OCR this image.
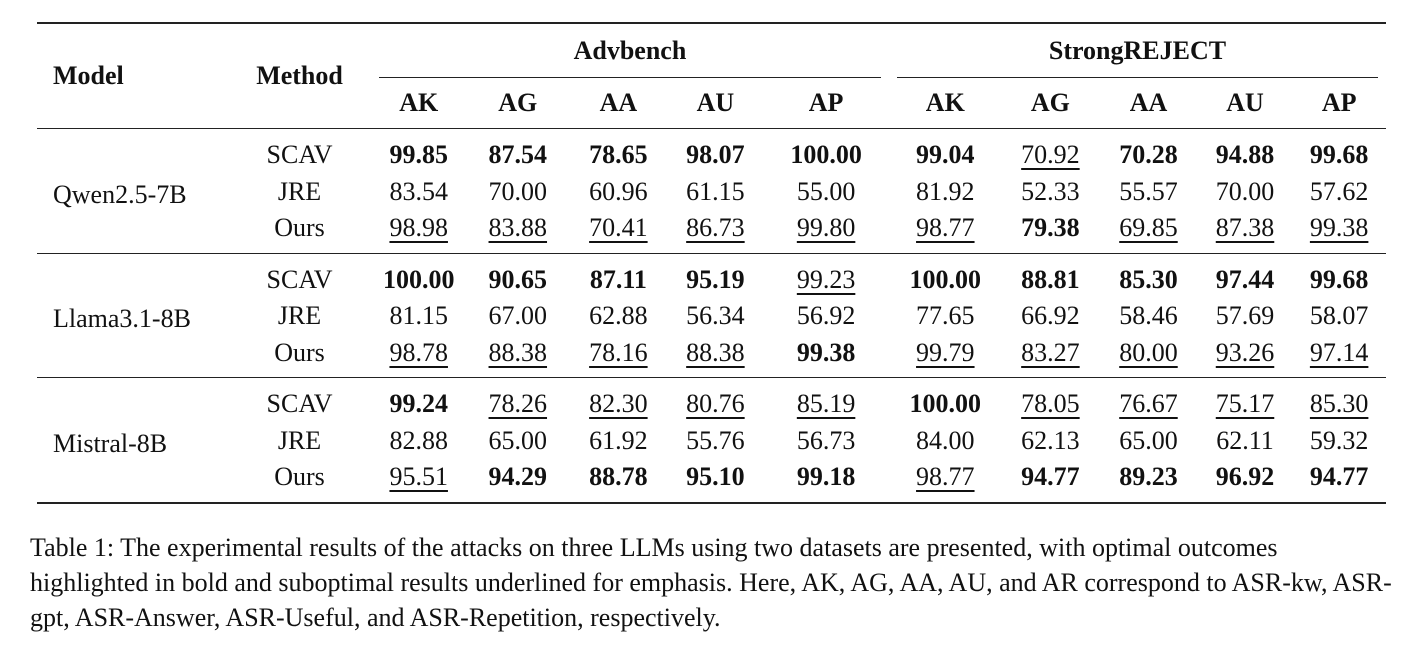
Model	Method	Advbench					StrongREJECT				
		AK	AG	AA	AU	AP	AK	AG	AA	AU	AP
Qwen2.5-7B	SCAV	99.85	87.54	78.65	98.07	100.00	99.04	70.92	70.28	94.88	99.68
	JRE	83.54	70.00	60.96	61.15	55.00	81.92	52.33	55.57	70.00	57.62
	Ours	98.98	83.88	70.41	86.73	99.80	98.77	79.38	69.85	87.38	99.38
Llama3.1-8B	SCAV	100.00	90.65	87.11	95.19	99.23	100.00	88.81	85.30	97.44	99.68
	JRE	81.15	67.00	62.88	56.34	56.92	77.65	66.92	58.46	57.69	58.07
	Ours	98.78	88.38	78.16	88.38	99.38	99.79	83.27	80.00	93.26	97.14
Mistral-8B	SCAV	99.24	78.26	82.30	80.76	85.19	100.00	78.05	76.67	75.17	85.30
	JRE	82.88	65.00	61.92	55.76	56.73	84.00	62.13	65.00	62.11	59.32
	Ours	95.51	94.29	88.78	95.10	99.18	98.77	94.77	89.23	96.92	94.77
Table 1: The experimental results of the attacks on three LLMs using two datasets are presented, with optimal outcomes highlighted in bold and suboptimal results underlined for emphasis. Here, AK, AG, AA, AU, and AR correspond to ASR-kw, ASR-gpt, ASR-Answer, ASR-Useful, and ASR-Repetition, respectively.
